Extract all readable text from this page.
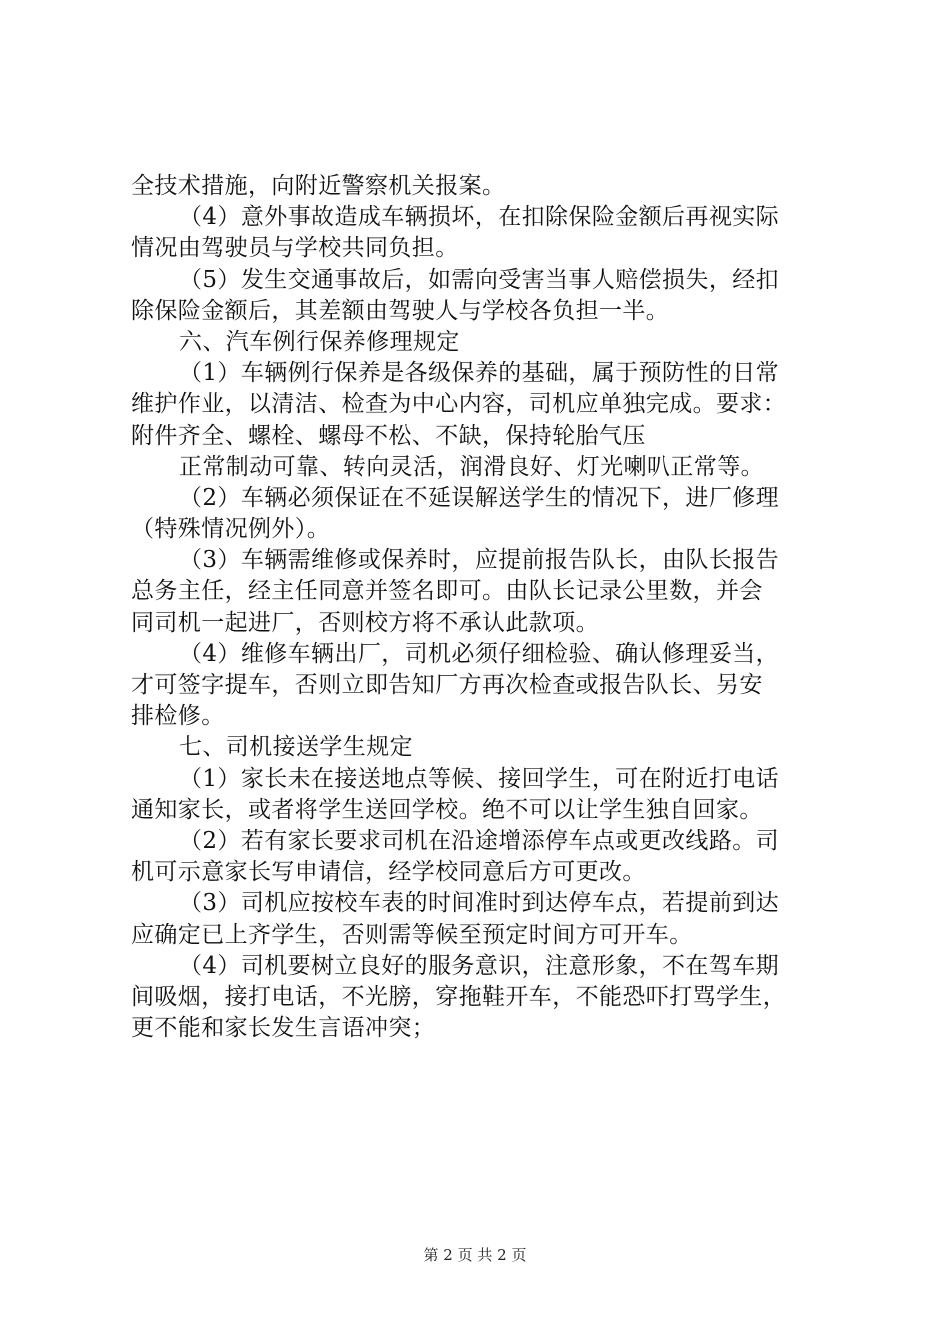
全技术措施，向附近警察机关报案。
（4）意外事故造成车辆损坏，在扣除保险金额后再视实际
情况由驾驶员与学校共同负担。
（5）发生交通事故后，如需向受害当事人赔偿损失，经扣
除保险金额后，其差额由驾驶人与学校各负担一半。
六、汽车例行保养修理规定
（1）车辆例行保养是各级保养的基础，属于预防性的日常
维护作业，以清洁、检查为中心内容，司机应单独完成。要求：
附件齐全、螺栓、螺母不松、不缺，保持轮胎气压
正常制动可靠、转向灵活，润滑良好、灯光喇叭正常等。
（2）车辆必须保证在不延误解送学生的情况下，进厂修理
（特殊情况例外）。
（3）车辆需维修或保养时，应提前报告队长，由队长报告
总务主任，经主任同意并签名即可。由队长记录公里数，并会
同司机一起进厂，否则校方将不承认此款项。
（4）维修车辆出厂，司机必须仔细检验、确认修理妥当，
才可签字提车，否则立即告知厂方再次检查或报告队长、另安
排检修。
七、司机接送学生规定
（1）家长未在接送地点等候、接回学生，可在附近打电话
通知家长，或者将学生送回学校。绝不可以让学生独自回家。
（2）若有家长要求司机在沿途增添停车点或更改线路。司
机可示意家长写申请信，经学校同意后方可更改。
（3）司机应按校车表的时间准时到达停车点，若提前到达
应确定已上齐学生，否则需等候至预定时间方可开车。
（4）司机要树立良好的服务意识，注意形象，不在驾车期
间吸烟，接打电话，不光膀，穿拖鞋开车，不能恐吓打骂学生，
更不能和家长发生言语冲突；
第 2 页 共 2 页
